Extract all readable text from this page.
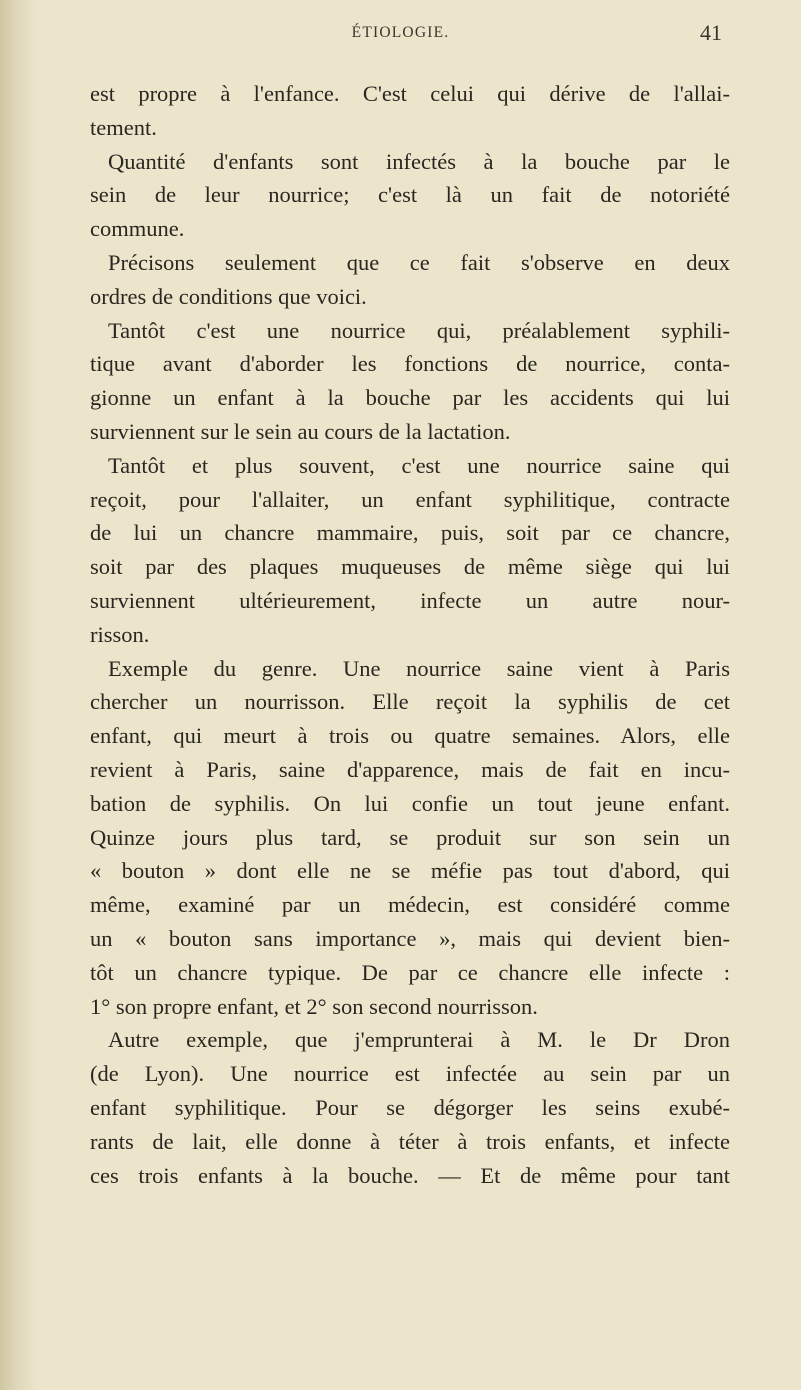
ÉTIOLOGIE.	41
est propre à l'enfance. C'est celui qui dérive de l'allai-
tement.
Quantité d'enfants sont infectés à la bouche par le
sein de leur nourrice; c'est là un fait de notoriété
commune.
Précisons seulement que ce fait s'observe en deux
ordres de conditions que voici.
Tantôt c'est une nourrice qui, préalablement syphili-
tique avant d'aborder les fonctions de nourrice, conta-
gionne un enfant à la bouche par les accidents qui lui
surviennent sur le sein au cours de la lactation.
Tantôt et plus souvent, c'est une nourrice saine qui
reçoit, pour l'allaiter, un enfant syphilitique, contracte
de lui un chancre mammaire, puis, soit par ce chancre,
soit par des plaques muqueuses de même siège qui lui
surviennent ultérieurement, infecte un autre nour-
risson.
Exemple du genre. Une nourrice saine vient à Paris
chercher un nourrisson. Elle reçoit la syphilis de cet
enfant, qui meurt à trois ou quatre semaines. Alors, elle
revient à Paris, saine d'apparence, mais de fait en incu-
bation de syphilis. On lui confie un tout jeune enfant.
Quinze jours plus tard, se produit sur son sein un
« bouton » dont elle ne se méfie pas tout d'abord, qui
même, examiné par un médecin, est considéré comme
un « bouton sans importance », mais qui devient bien-
tôt un chancre typique. De par ce chancre elle infecte :
1° son propre enfant, et 2° son second nourrisson.
Autre exemple, que j'emprunterai à M. le Dr Dron
(de Lyon). Une nourrice est infectée au sein par un
enfant syphilitique. Pour se dégorger les seins exubé-
rants de lait, elle donne à téter à trois enfants, et infecte
ces trois enfants à la bouche. — Et de même pour tant
